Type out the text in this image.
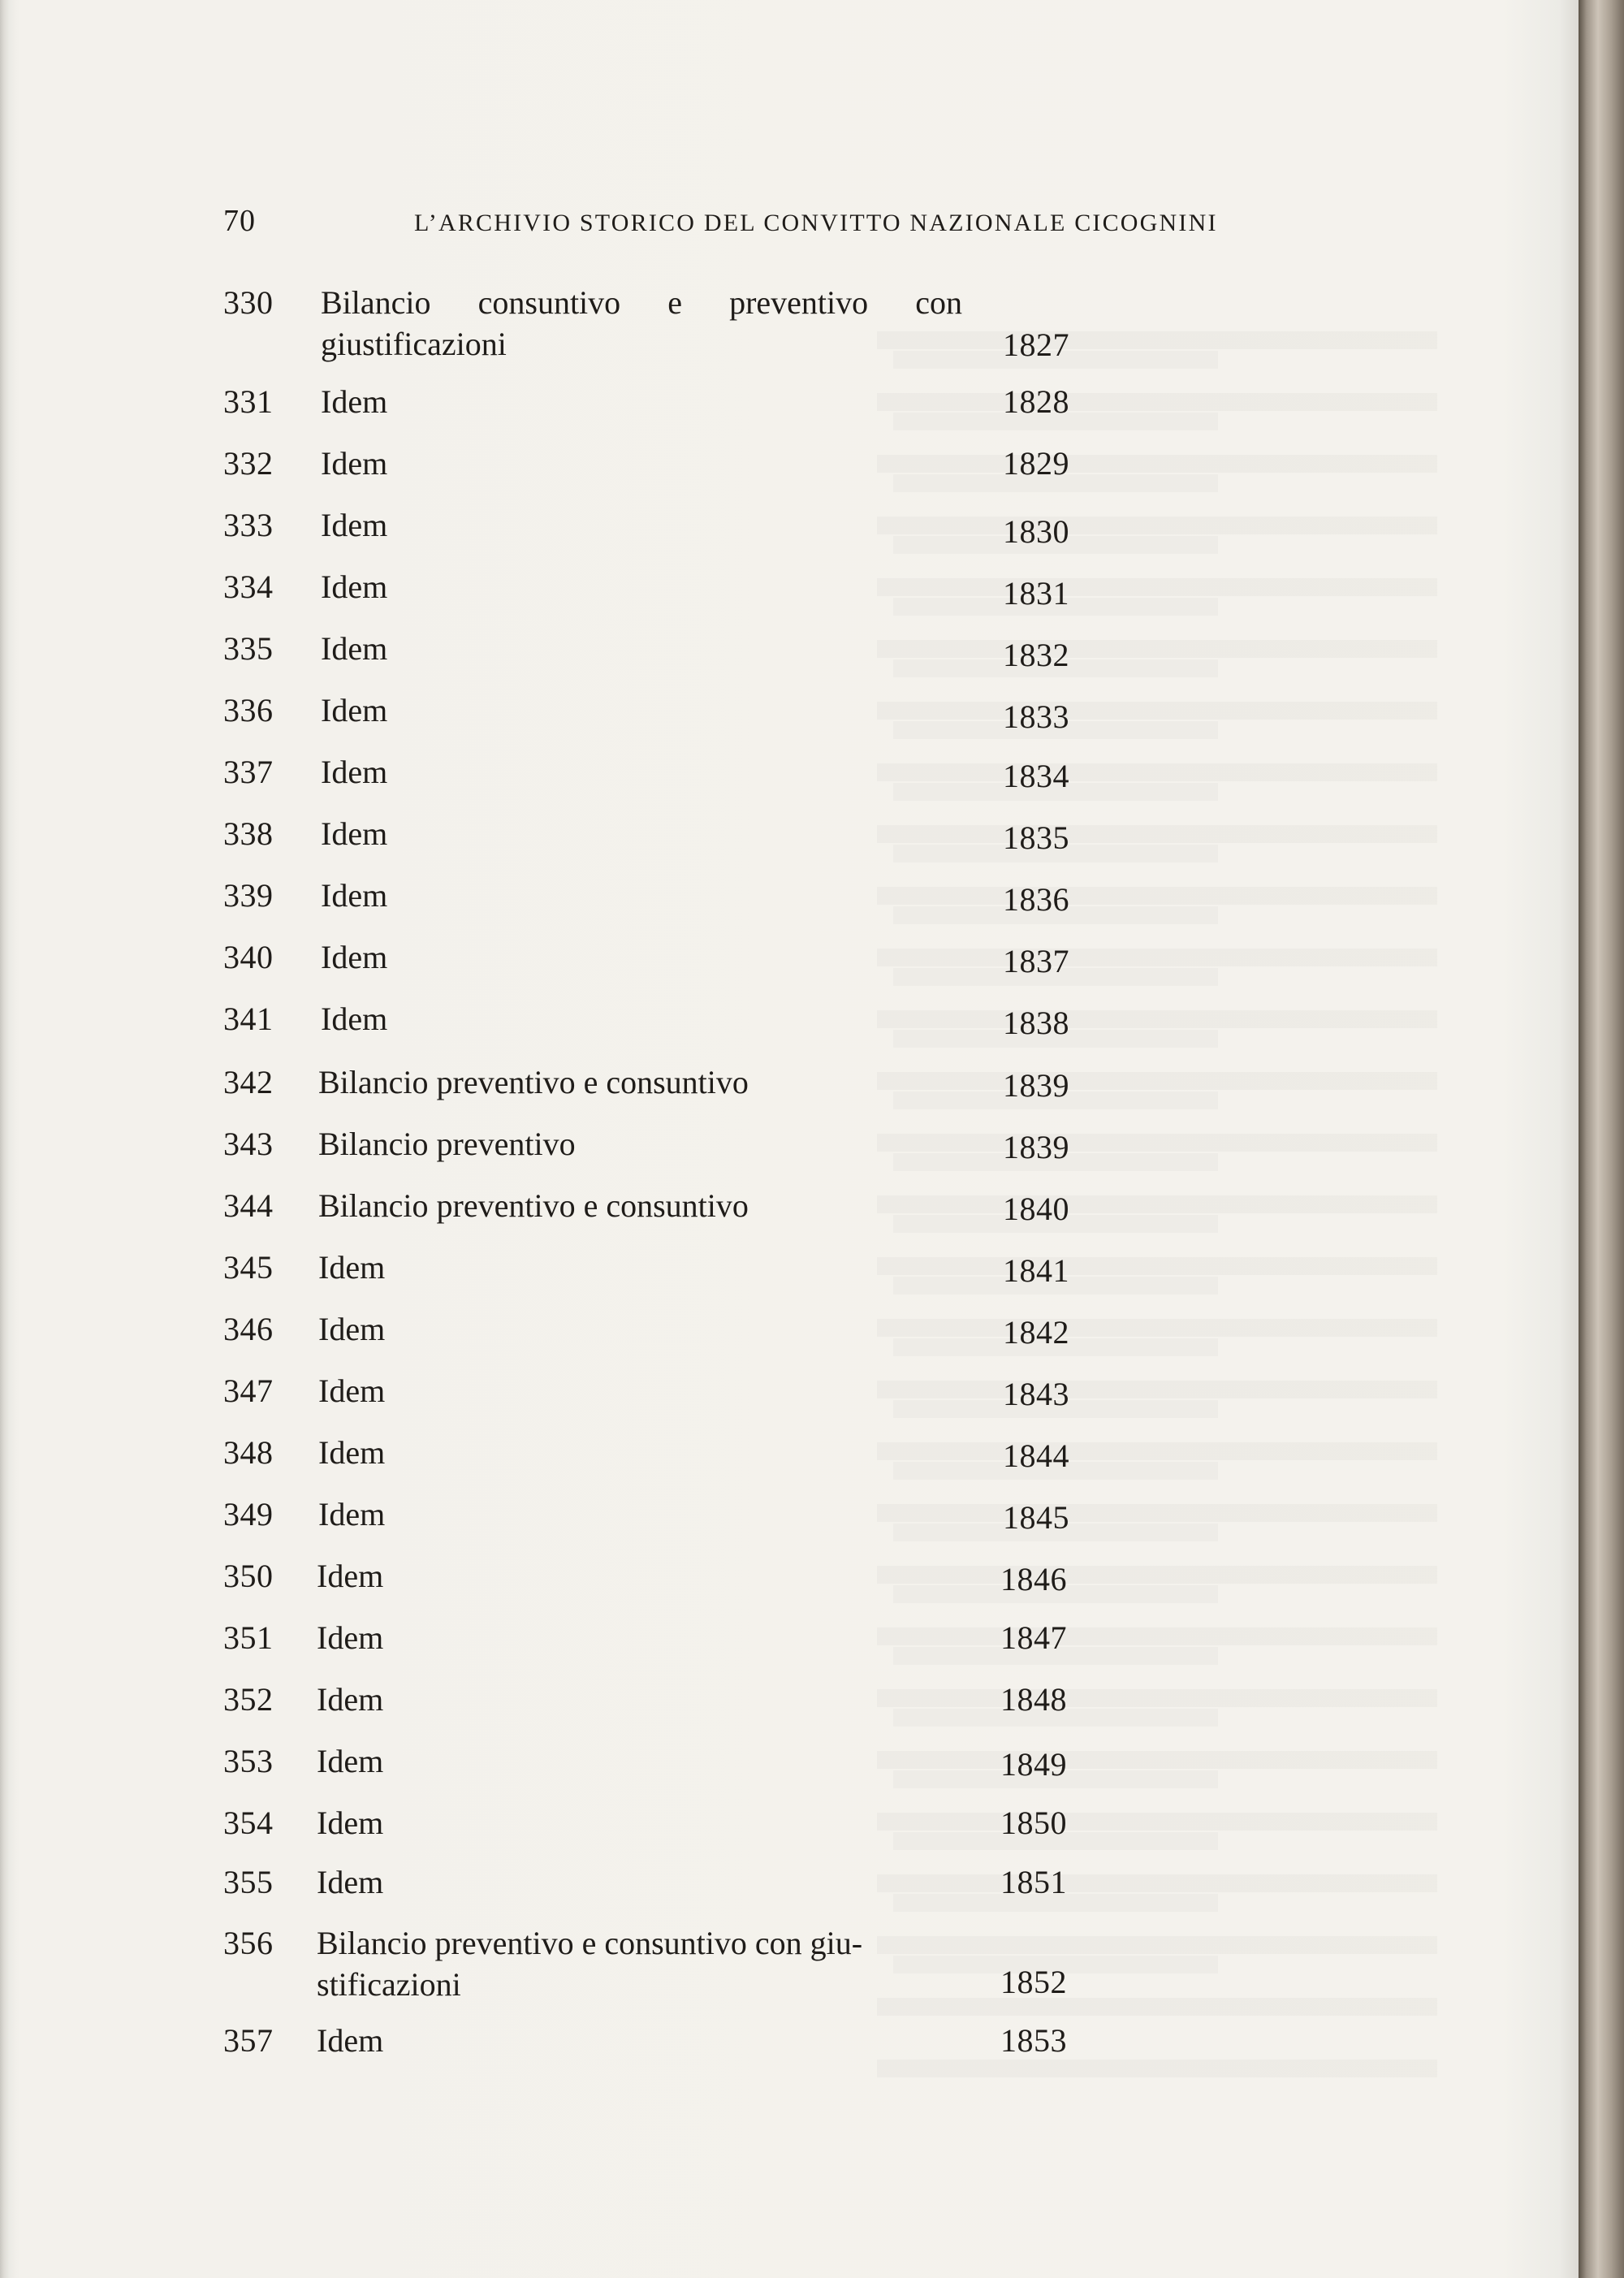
70	L’ARCHIVIO STORICO DEL CONVITTO NAZIONALE CICOGNINI
330 Bilancio consuntivo e preventivo con
giustificazioni	1827
331 Idem	1828
332 Idem	1829
333 Idem	1830
334 Idem	1831
335 Idem	1832
336 Idem	1833
337 Idem	1834
338 Idem	1835
339 Idem	1836
340 Idem	1837
341 Idem	1838
342 Bilancio preventivo e consuntivo	1839
343 Bilancio preventivo	1839
344 Bilancio preventivo e consuntivo	1840
345 Idem	1841
346 Idem	1842
347 Idem	1843
348 Idem	1844
349 Idem	1845
350 Idem	1846
351 Idem	1847
352 Idem	1848
353 Idem	1849
354 Idem	1850
355 Idem	1851
356 Bilancio preventivo e consuntivo con giu-
stificazioni	1852
357 Idem	1853
